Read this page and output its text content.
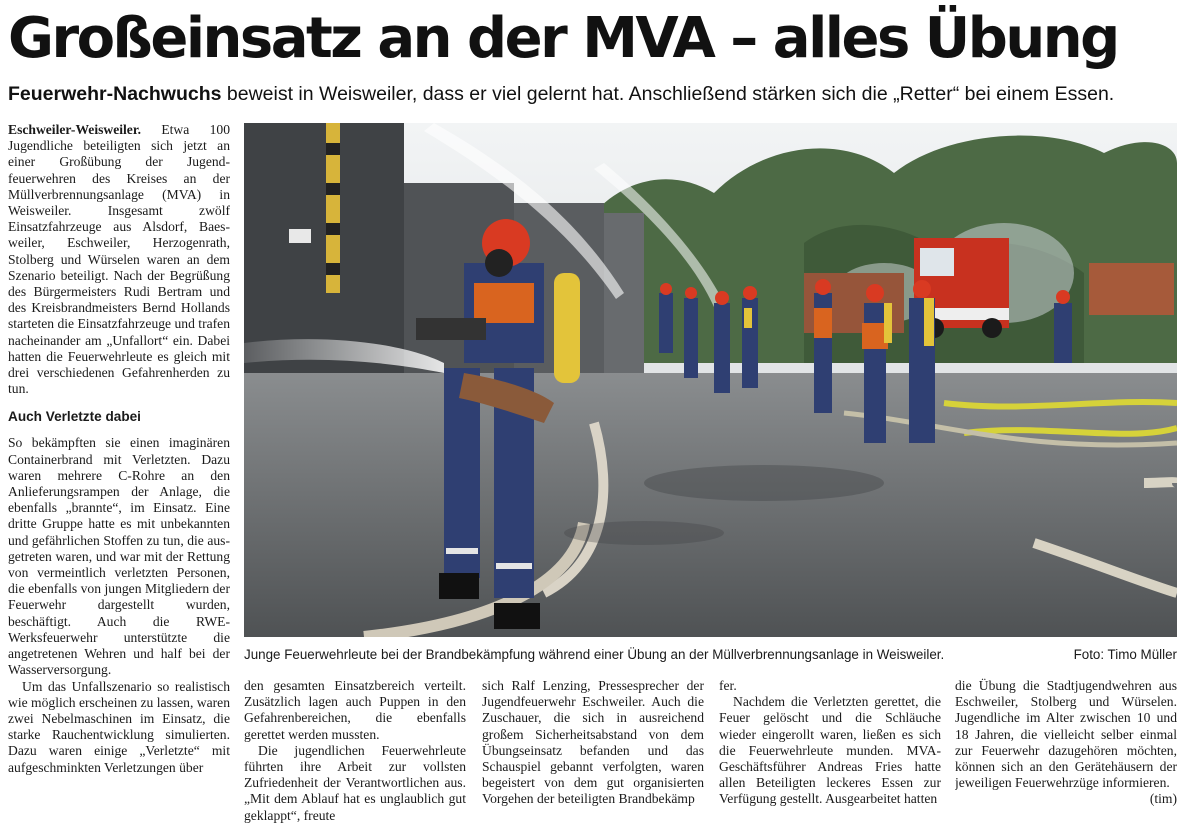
Großeinsatz an der MVA – alles Übung
Feuerwehr-Nachwuchs beweist in Weisweiler, dass er viel gelernt hat. Anschließend stärken sich die „Retter“ bei einem Essen.

Eschweiler-Weisweiler. Etwa 100 Jugendliche beteiligten sich jetzt an einer Großübung der Jugendfeuerwehren des Kreises an der Müllverbrennungsanlage (MVA) in Weisweiler. Insgesamt zwölf Einsatzfahrzeuge aus Alsdorf, Baesweiler, Eschweiler, Herzogenrath, Stolberg und Würselen waren an dem Szenario beteiligt. Nach der Begrüßung des Bürgermeisters Rudi Bertram und des Kreisbrandmeisters Bernd Hollands starteten die Einsatzfahrzeuge und trafen nacheinander am „Unfallort“ ein. Dabei hatten die Feuerwehrleute es gleich mit drei verschiedenen Gefahrenherden zu tun.

Auch Verletzte dabei

So bekämpften sie einen imaginären Containerbrand mit Verletzten. Dazu waren mehrere C-Rohre an den Anlieferungsrampen der Anlage, die ebenfalls „brannte“, im Einsatz. Eine dritte Gruppe hatte es mit unbekannten und gefährlichen Stoffen zu tun, die ausgetreten waren, und war mit der Rettung von vermeintlich verletzten Personen, die ebenfalls von jungen Mitgliedern der Feuerwehr dargestellt wurden, beschäftigt. Auch die RWE-Werksfeuerwehr unterstützte die angetretenen Wehren und half bei der Wasserversorgung.

Um das Unfallszenario so realistisch wie möglich erscheinen zu lassen, waren zwei Nebelmaschinen im Einsatz, die starke Rauchentwicklung simulierten. Dazu waren einige „Verletzte“ mit aufgeschminkten Verletzungen über

Junge Feuerwehrleute bei der Brandbekämpfung während einer Übung an der Müllverbrennungsanlage in Weisweiler.	Foto: Timo Müller

den gesamten Einsatzbereich verteilt. Zusätzlich lagen auch Puppen in den Gefahrenbereichen, die ebenfalls gerettet werden mussten.

Die jugendlichen Feuerwehrleute führten ihre Arbeit zur vollsten Zufriedenheit der Verantwortlichen aus. „Mit dem Ablauf hat es unglaublich gut geklappt“, freute

sich Ralf Lenzing, Pressesprecher der Jugendfeuerwehr Eschweiler. Auch die Zuschauer, die sich in ausreichend großem Sicherheitsabstand von dem Übungseinsatz befanden und das Schauspiel gebannt verfolgten, waren begeistert von dem gut organisierten Vorgehen der beteiligten Brandbekämp

fer.

Nachdem die Verletzten gerettet, die Feuer gelöscht und die Schläuche wieder eingerollt waren, ließen es sich die Feuerwehrleute munden. MVA-Geschäftsführer Andreas Fries hatte allen Beteiligten leckeres Essen zur Verfügung gestellt. Ausgearbeitet hatten

die Übung die Stadtjugendwehren aus Eschweiler, Stolberg und Würselen. Jugendliche im Alter zwischen 10 und 18 Jahren, die vielleicht selber einmal zur Feuerwehr dazugehören möchten, können sich an den Gerätehäusern der jeweiligen Feuerwehrzüge informieren.

(tim)
